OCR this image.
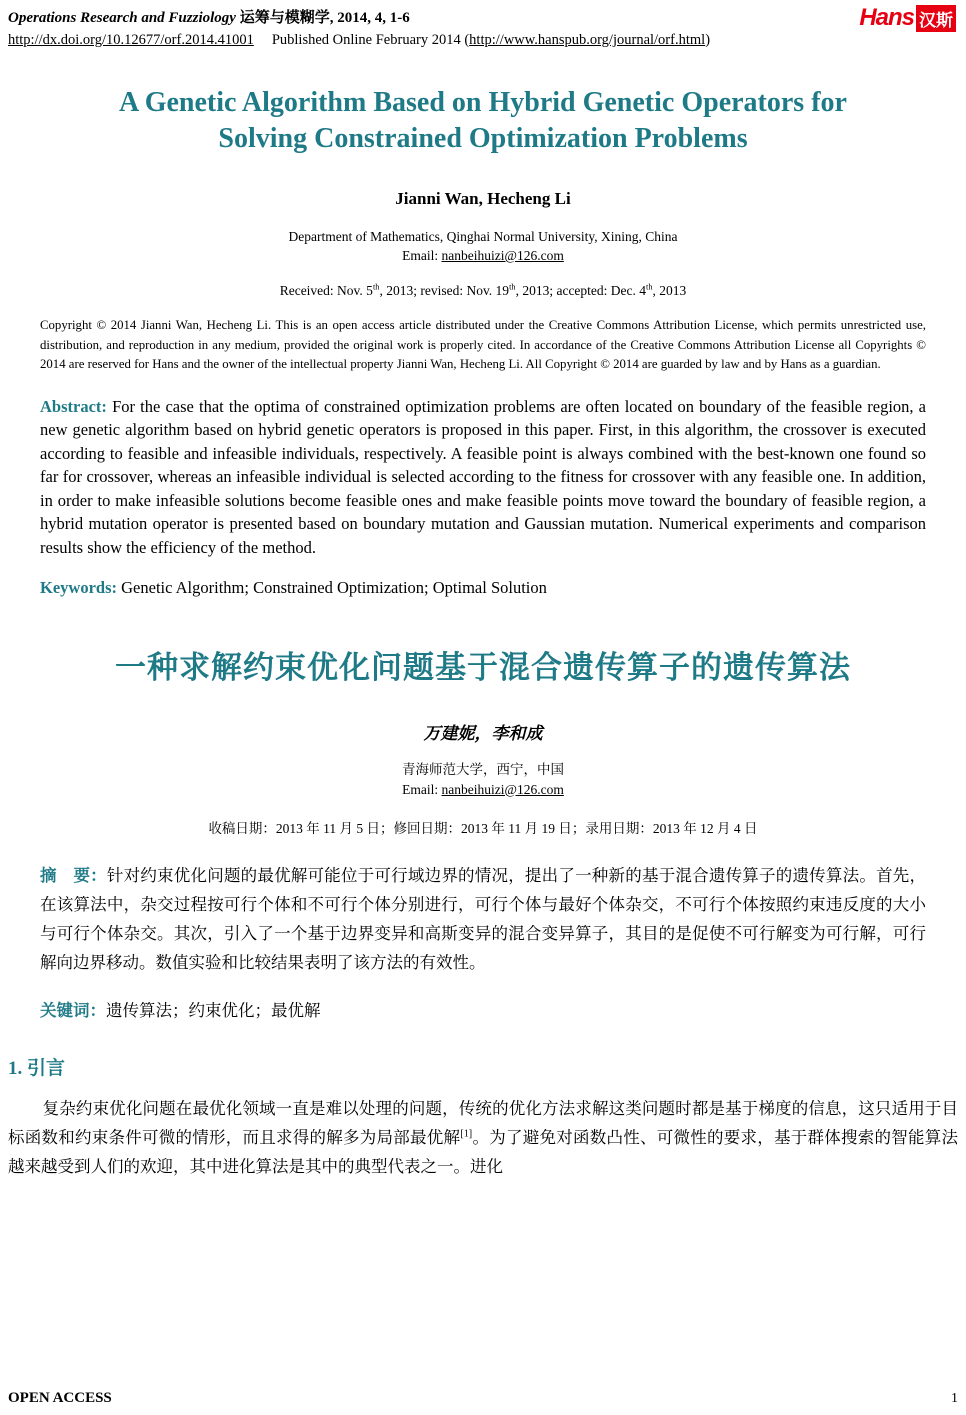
Operations Research and Fuzziology 运筹与模糊学, 2014, 4, 1-6
http://dx.doi.org/10.12677/orf.2014.41001 Published Online February 2014 (http://www.hanspub.org/journal/orf.html)
Hans 汉斯
A Genetic Algorithm Based on Hybrid Genetic Operators for Solving Constrained Optimization Problems
Jianni Wan, Hecheng Li
Department of Mathematics, Qinghai Normal University, Xining, China
Email: nanbeihuizi@126.com
Received: Nov. 5th, 2013; revised: Nov. 19th, 2013; accepted: Dec. 4th, 2013

Copyright © 2014 Jianni Wan, Hecheng Li. This is an open access article distributed under the Creative Commons Attribution License, which permits unrestricted use, distribution, and reproduction in any medium, provided the original work is properly cited. In accordance of the Creative Commons Attribution License all Copyrights © 2014 are reserved for Hans and the owner of the intellectual property Jianni Wan, Hecheng Li. All Copyright © 2014 are guarded by law and by Hans as a guardian.

Abstract: For the case that the optima of constrained optimization problems are often located on boundary of the feasible region, a new genetic algorithm based on hybrid genetic operators is proposed in this paper. First, in this algorithm, the crossover is executed according to feasible and infeasible individuals, respectively. A feasible point is always combined with the best-known one found so far for crossover, whereas an infeasible individual is selected according to the fitness for crossover with any feasible one. In addition, in order to make infeasible solutions become feasible ones and make feasible points move toward the boundary of feasible region, a hybrid mutation operator is presented based on boundary mutation and Gaussian mutation. Numerical experiments and comparison results show the efficiency of the method.

Keywords: Genetic Algorithm; Constrained Optimization; Optimal Solution

一种求解约束优化问题基于混合遗传算子的遗传算法
万建妮，李和成
青海师范大学，西宁，中国
Email: nanbeihuizi@126.com
收稿日期：2013 年 11 月 5 日；修回日期：2013 年 11 月 19 日；录用日期：2013 年 12 月 4 日

摘　要：针对约束优化问题的最优解可能位于可行域边界的情况，提出了一种新的基于混合遗传算子的遗传算法。首先，在该算法中，杂交过程按可行个体和不可行个体分别进行，可行个体与最好个体杂交，不可行个体按照约束违反度的大小与可行个体杂交。其次，引入了一个基于边界变异和高斯变异的混合变异算子，其目的是促使不可行解变为可行解，可行解向边界移动。数值实验和比较结果表明了该方法的有效性。

关键词：遗传算法；约束优化；最优解

1. 引言

复杂约束优化问题在最优化领域一直是难以处理的问题，传统的优化方法求解这类问题时都是基于梯度的信息，这只适用于目标函数和约束条件可微的情形，而且求得的解多为局部最优解[1]。为了避免对函数凸性、可微性的要求，基于群体搜索的智能算法越来越受到人们的欢迎，其中进化算法是其中的典型代表之一。进化

OPEN ACCESS	1
